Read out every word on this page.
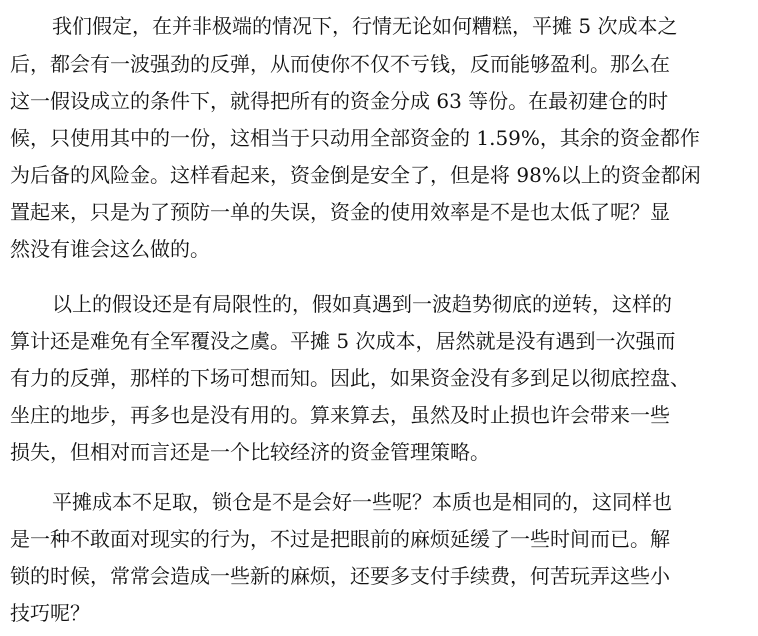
我们假定，在并非极端的情况下，行情无论如何糟糕，平摊 5 次成本之
后，都会有一波强劲的反弹，从而使你不仅不亏钱，反而能够盈利。那么在
这一假设成立的条件下，就得把所有的资金分成 63 等份。在最初建仓的时
候，只使用其中的一份，这相当于只动用全部资金的 1.59%，其余的资金都作
为后备的风险金。这样看起来，资金倒是安全了，但是将 98%以上的资金都闲
置起来，只是为了预防一单的失误，资金的使用效率是不是也太低了呢？显
然没有谁会这么做的。
以上的假设还是有局限性的，假如真遇到一波趋势彻底的逆转，这样的
算计还是难免有全军覆没之虞。平摊 5 次成本，居然就是没有遇到一次强而
有力的反弹，那样的下场可想而知。因此，如果资金没有多到足以彻底控盘、
坐庄的地步，再多也是没有用的。算来算去，虽然及时止损也许会带来一些
损失，但相对而言还是一个比较经济的资金管理策略。
平摊成本不足取，锁仓是不是会好一些呢？本质也是相同的，这同样也
是一种不敢面对现实的行为，不过是把眼前的麻烦延缓了一些时间而已。解
锁的时候，常常会造成一些新的麻烦，还要多支付手续费，何苦玩弄这些小
技巧呢？
